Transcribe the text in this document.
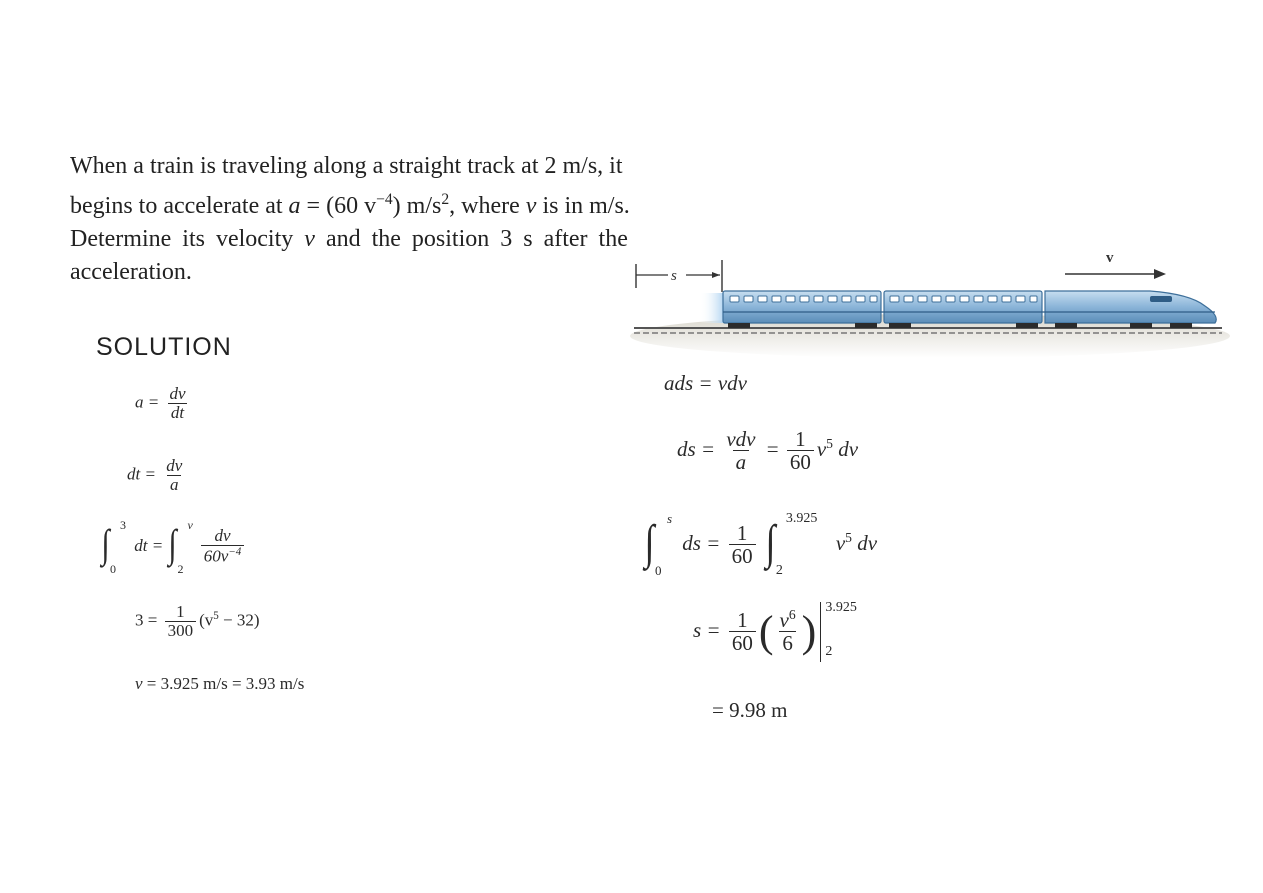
When a train is traveling along a straight track at 2 m/s, it
begins to accelerate at a = (60 $v^{-4}$) $m/s^2$, where v is in m/s.
Determine its velocity v and the position 3 s after the
acceleration.	s
v
SOLUTION
$a = \frac{dv}{dt}$
dt = $\frac{dv}{a}$
∫ 3
0
dt = ∫ v
2

$\frac{dv}{60v^{-4}}$
$3 = \frac{1}{300} (v^5 - 32)$
v = 3.925 m/s = 3.93 m/s
ads = vdv
ds = $\frac{\text{vdv}}{a} = \frac{1}{60} v^5$ dv
∫ s
0
ds = $\frac{1}{60}$
∫ 3.925
2
$v^5$ dv
$s = \frac{1}{60}$ ( $\frac{v^6}{6}$ ) 3.925
2
= 9.98 m
